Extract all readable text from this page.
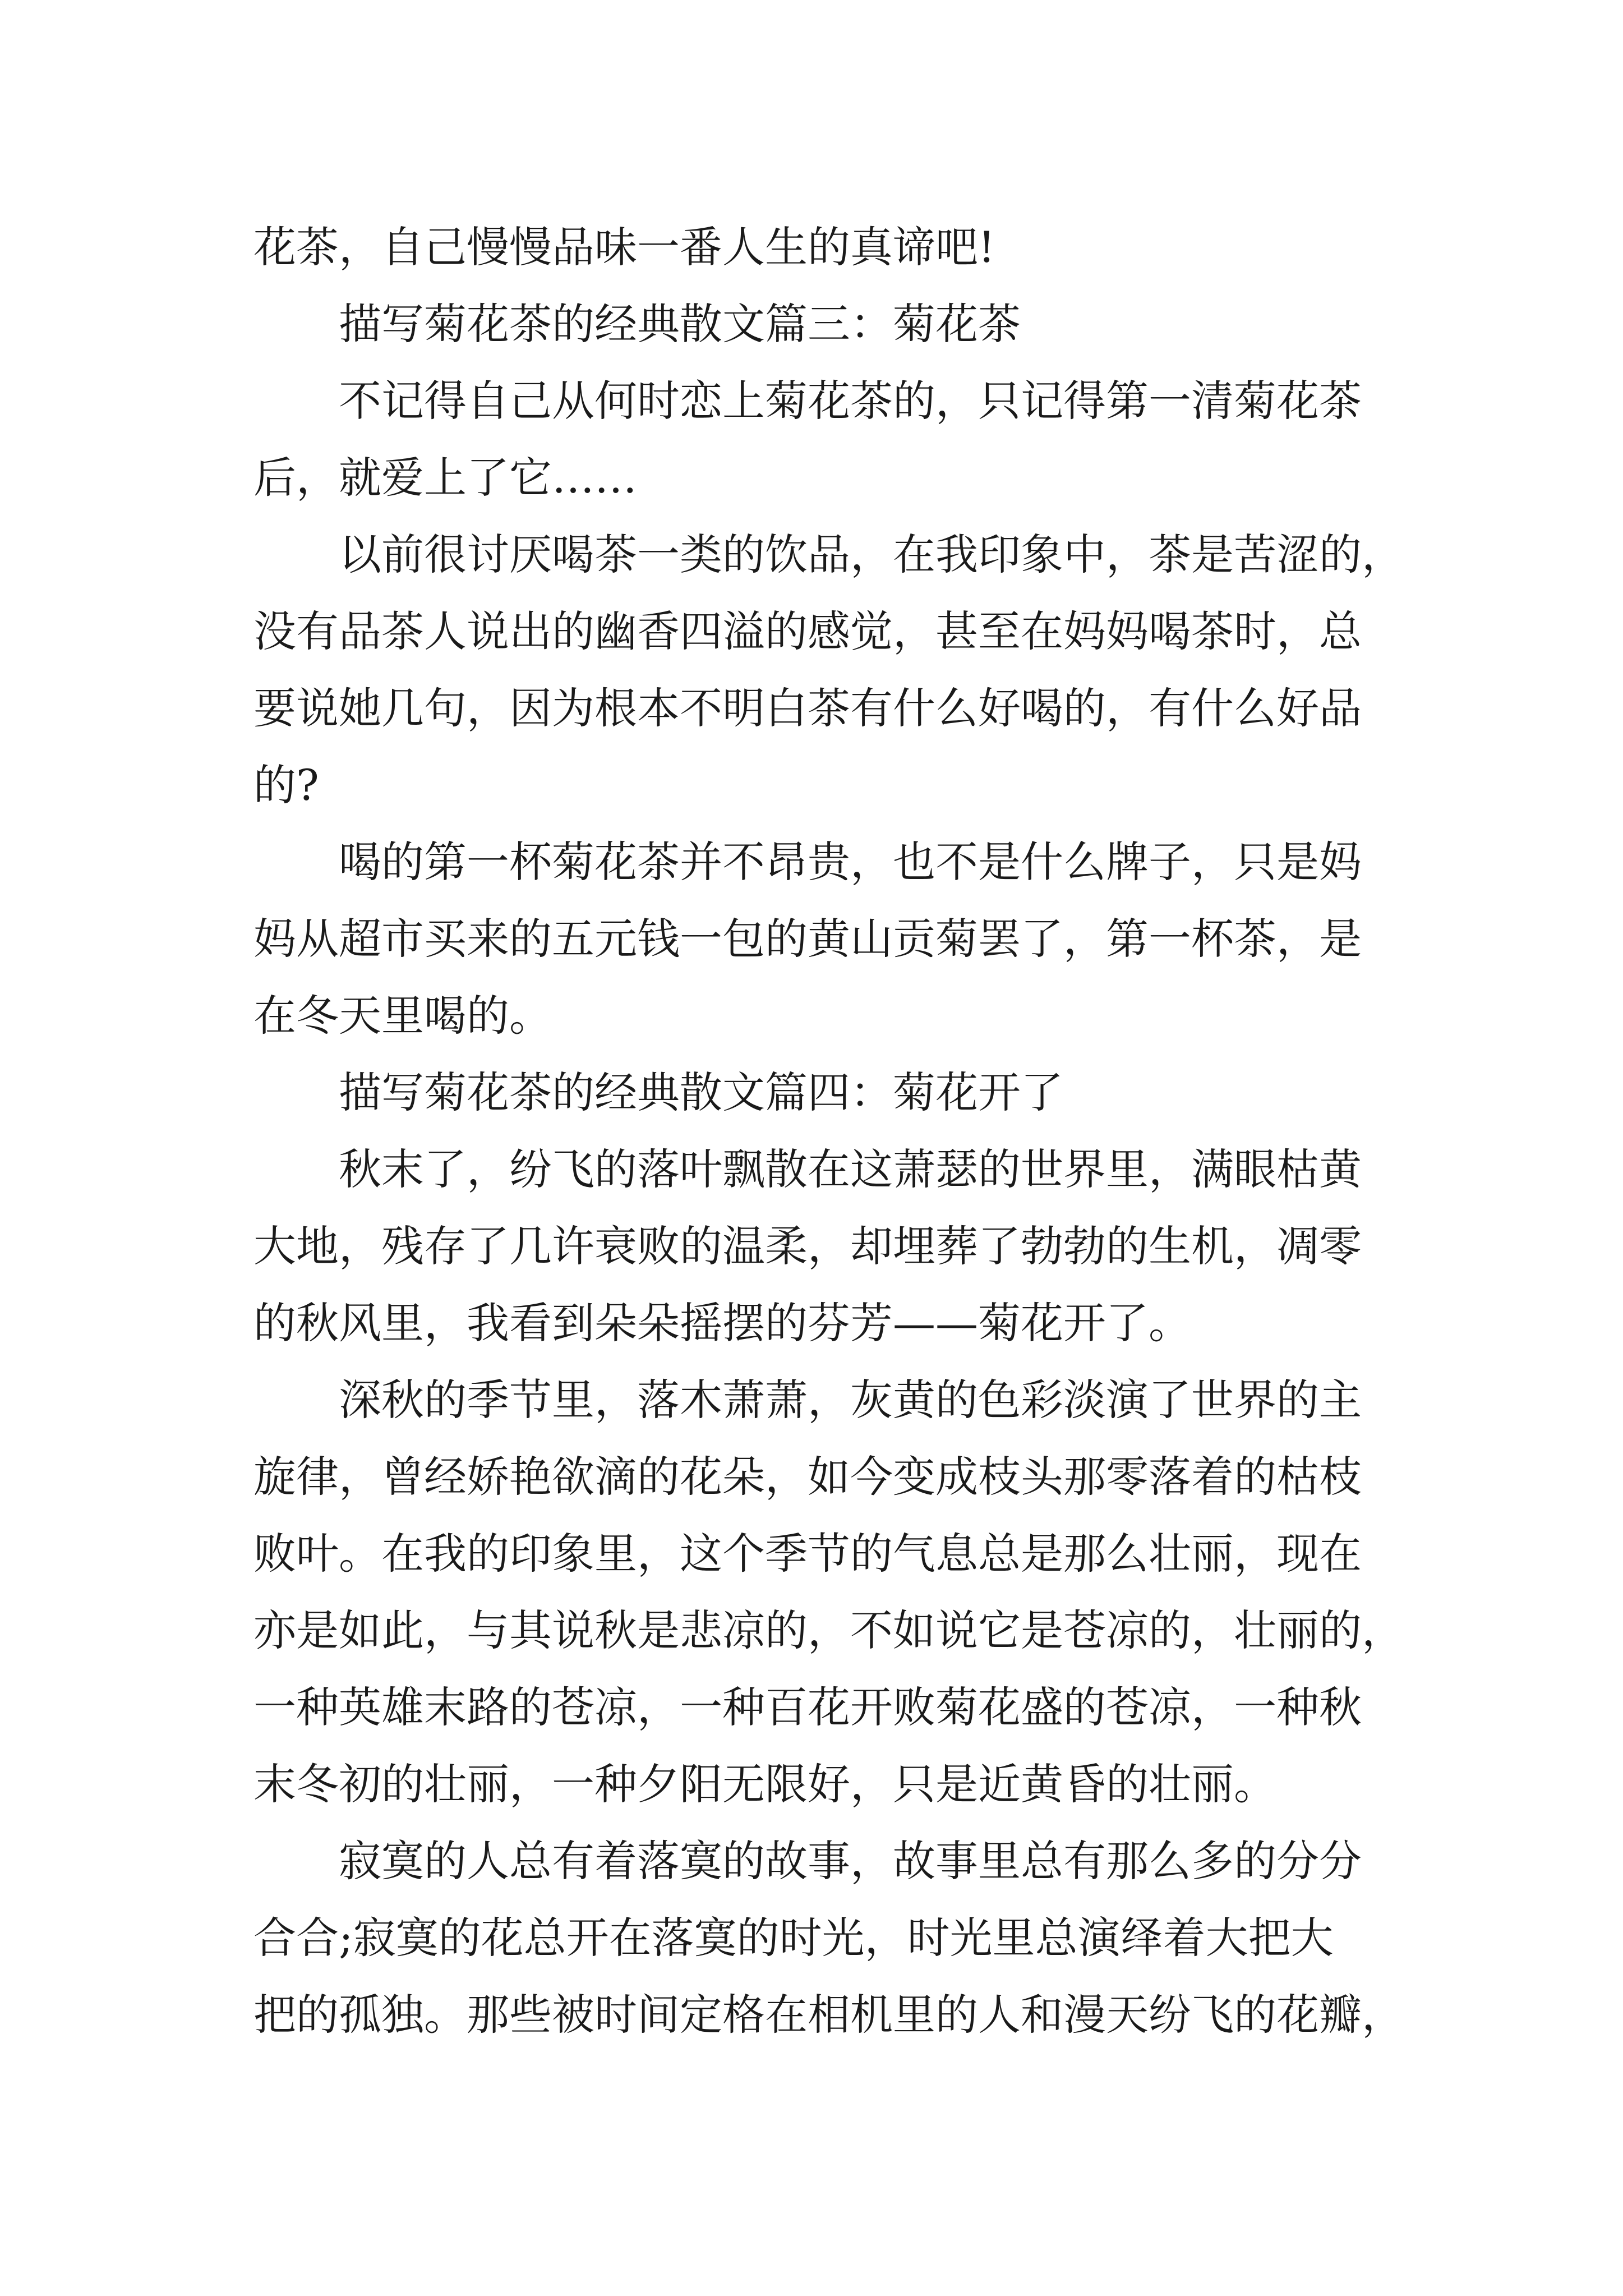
花茶，自己慢慢品味一番人生的真谛吧!
描写菊花茶的经典散文篇三：菊花茶
不记得自己从何时恋上菊花茶的，只记得第一清菊花茶
后，就爱上了它……
以前很讨厌喝茶一类的饮品，在我印象中，茶是苦涩的，
没有品茶人说出的幽香四溢的感觉，甚至在妈妈喝茶时，总
要说她几句，因为根本不明白茶有什么好喝的，有什么好品
的?
喝的第一杯菊花茶并不昂贵，也不是什么牌子，只是妈
妈从超市买来的五元钱一包的黄山贡菊罢了，第一杯茶，是
在冬天里喝的。
描写菊花茶的经典散文篇四：菊花开了
秋末了，纷飞的落叶飘散在这萧瑟的世界里，满眼枯黄
大地，残存了几许衰败的温柔，却埋葬了勃勃的生机，凋零
的秋风里，我看到朵朵摇摆的芬芳——菊花开了。
深秋的季节里，落木萧萧，灰黄的色彩淡演了世界的主
旋律，曾经娇艳欲滴的花朵，如今变成枝头那零落着的枯枝
败叶。在我的印象里，这个季节的气息总是那么壮丽，现在
亦是如此，与其说秋是悲凉的，不如说它是苍凉的，壮丽的，
一种英雄末路的苍凉，一种百花开败菊花盛的苍凉，一种秋
末冬初的壮丽，一种夕阳无限好，只是近黄昏的壮丽。
寂寞的人总有着落寞的故事，故事里总有那么多的分分
合合;寂寞的花总开在落寞的时光，时光里总演绎着大把大
把的孤独。那些被时间定格在相机里的人和漫天纷飞的花瓣，
